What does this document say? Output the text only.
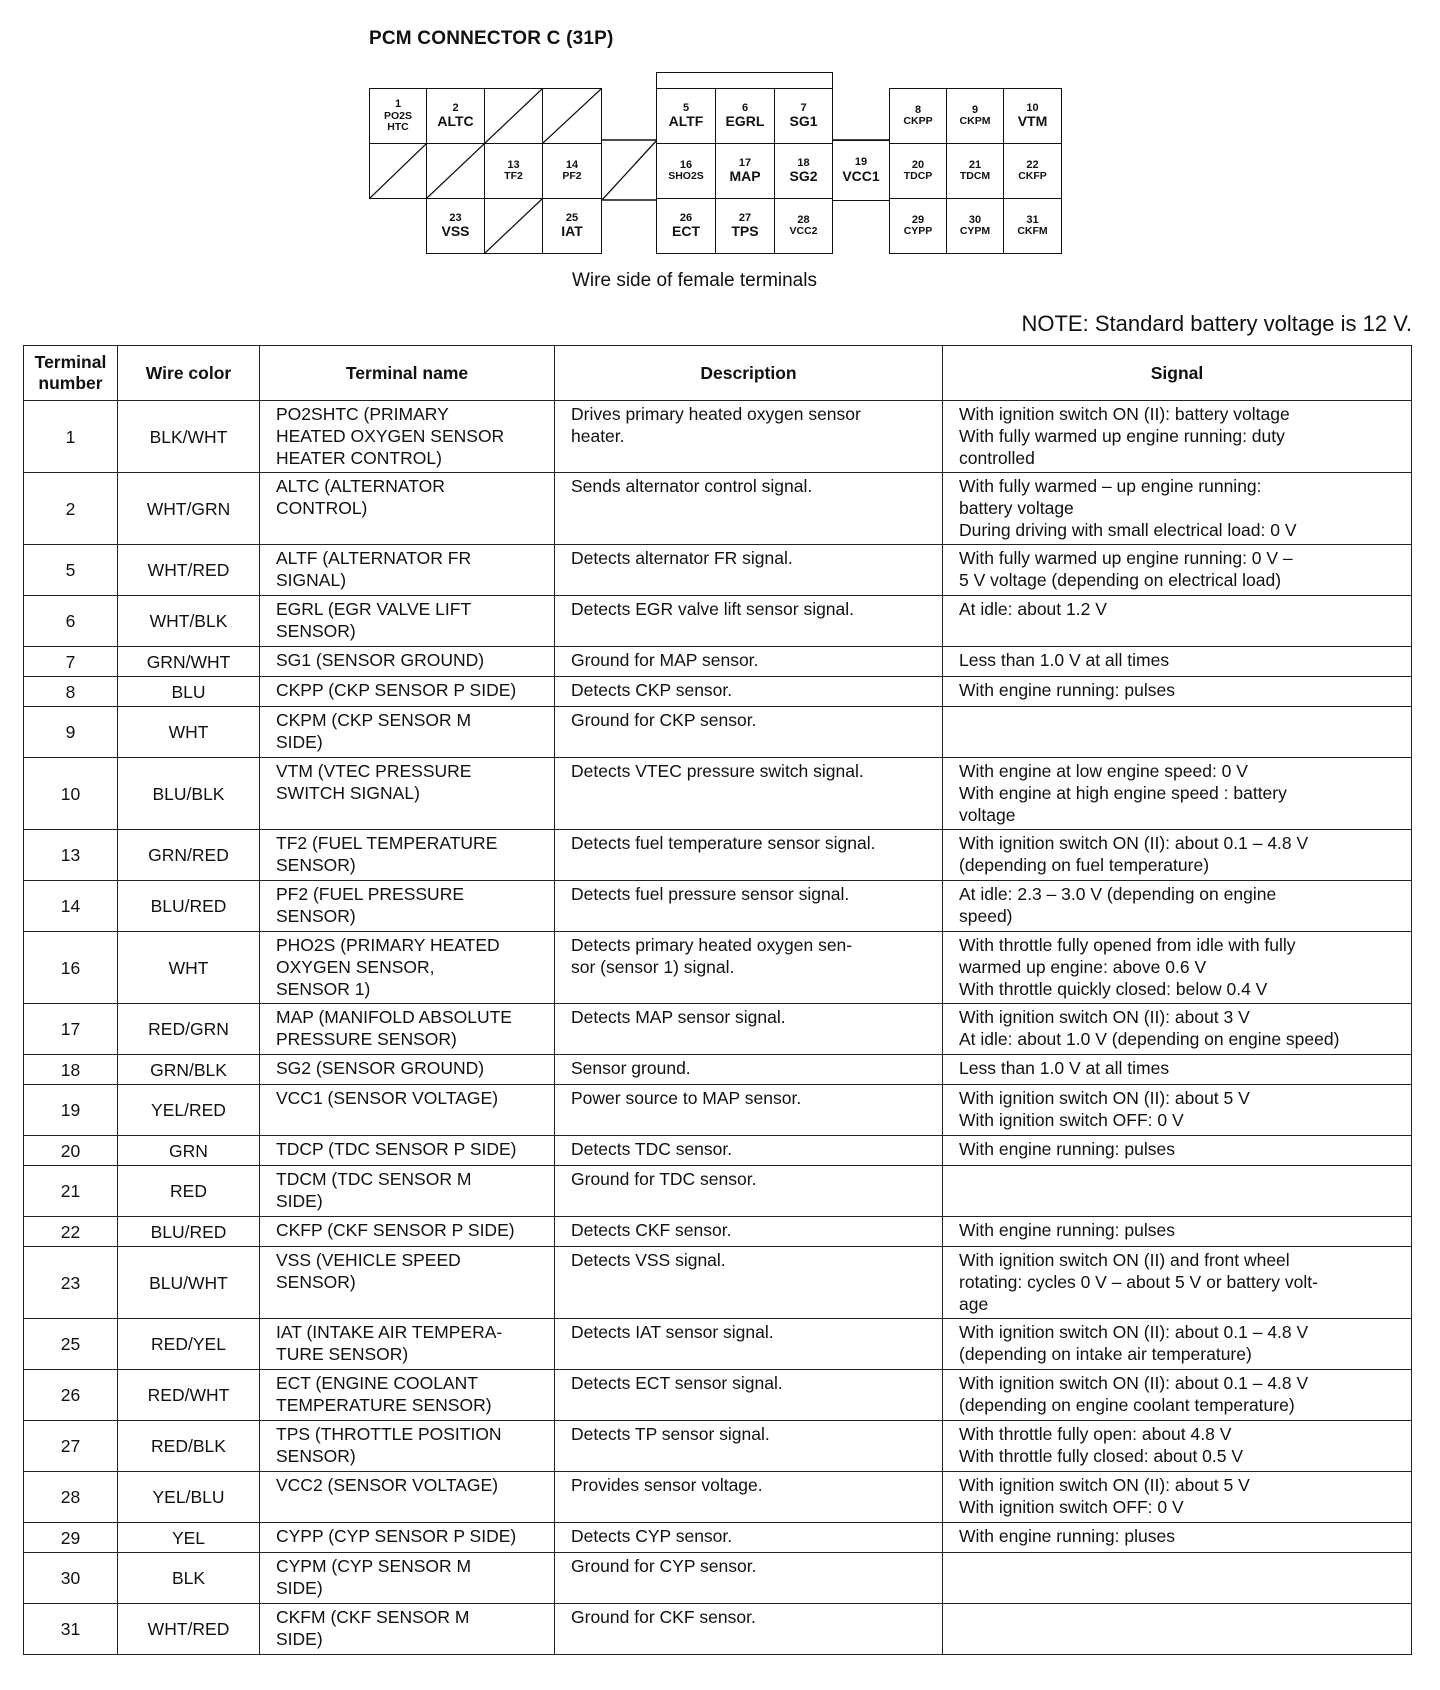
PCM CONNECTOR C (31P)
1
PO2S
HTC
2
ALTC
13
TF2
14
PF2
23
VSS
25
IAT
5
ALTF
6
EGRL
7
SG1
16
SHO2S
17
MAP
18
SG2
26
ECT
27
TPS
28
VCC2
19
VCC1
8
CKPP
9
CKPM
10
VTM
20
TDCP
21
TDCM
22
CKFP
29
CYPP
30
CYPM
31
CKFM
Wire side of female terminals
NOTE: Standard battery voltage is 12 V.
Terminal
number	Wire color	Terminal name	Description	Signal
1	BLK/WHT	PO2SHTC (PRIMARY
HEATED OXYGEN SENSOR
HEATER CONTROL)	Drives primary heated oxygen sensor
heater.	With ignition switch ON (II): battery voltage
With fully warmed up engine running: duty
controlled
2	WHT/GRN	ALTC (ALTERNATOR
CONTROL)	Sends alternator control signal.	With fully warmed – up engine running:
battery voltage
During driving with small electrical load: 0 V
5	WHT/RED	ALTF (ALTERNATOR FR
SIGNAL)	Detects alternator FR signal.	With fully warmed up engine running: 0 V –
5 V voltage (depending on electrical load)
6	WHT/BLK	EGRL (EGR VALVE LIFT
SENSOR)	Detects EGR valve lift sensor signal.	At idle: about 1.2 V
7	GRN/WHT	SG1 (SENSOR GROUND)	Ground for MAP sensor.	Less than 1.0 V at all times
8	BLU	CKPP (CKP SENSOR P SIDE)	Detects CKP sensor.	With engine running: pulses
9	WHT	CKPM (CKP SENSOR M
SIDE)	Ground for CKP sensor.	
10	BLU/BLK	VTM (VTEC PRESSURE
SWITCH SIGNAL)	Detects VTEC pressure switch signal.	With engine at low engine speed: 0 V
With engine at high engine speed : battery
voltage
13	GRN/RED	TF2 (FUEL TEMPERATURE
SENSOR)	Detects fuel temperature sensor signal.	With ignition switch ON (II): about 0.1 – 4.8 V
(depending on fuel temperature)
14	BLU/RED	PF2 (FUEL PRESSURE
SENSOR)	Detects fuel pressure sensor signal.	At idle: 2.3 – 3.0 V (depending on engine
speed)
16	WHT	PHO2S (PRIMARY HEATED
OXYGEN SENSOR,
SENSOR 1)	Detects primary heated oxygen sen-
sor (sensor 1) signal.	With throttle fully opened from idle with fully
warmed up engine: above 0.6 V
With throttle quickly closed: below 0.4 V
17	RED/GRN	MAP (MANIFOLD ABSOLUTE
PRESSURE SENSOR)	Detects MAP sensor signal.	With ignition switch ON (II): about 3 V
At idle: about 1.0 V (depending on engine speed)
18	GRN/BLK	SG2 (SENSOR GROUND)	Sensor ground.	Less than 1.0 V at all times
19	YEL/RED	VCC1 (SENSOR VOLTAGE)	Power source to MAP sensor.	With ignition switch ON (II): about 5 V
With ignition switch OFF: 0 V
20	GRN	TDCP (TDC SENSOR P SIDE)	Detects TDC sensor.	With engine running: pulses
21	RED	TDCM (TDC SENSOR M
SIDE)	Ground for TDC sensor.	
22	BLU/RED	CKFP (CKF SENSOR P SIDE)	Detects CKF sensor.	With engine running: pulses
23	BLU/WHT	VSS (VEHICLE SPEED
SENSOR)	Detects VSS signal.	With ignition switch ON (II) and front wheel
rotating: cycles 0 V – about 5 V or battery volt-
age
25	RED/YEL	IAT (INTAKE AIR TEMPERA-
TURE SENSOR)	Detects IAT sensor signal.	With ignition switch ON (II): about 0.1 – 4.8 V
(depending on intake air temperature)
26	RED/WHT	ECT (ENGINE COOLANT
TEMPERATURE SENSOR)	Detects ECT sensor signal.	With ignition switch ON (II): about 0.1 – 4.8 V
(depending on engine coolant temperature)
27	RED/BLK	TPS (THROTTLE POSITION
SENSOR)	Detects TP sensor signal.	With throttle fully open: about 4.8 V
With throttle fully closed: about 0.5 V
28	YEL/BLU	VCC2 (SENSOR VOLTAGE)	Provides sensor voltage.	With ignition switch ON (II): about 5 V
With ignition switch OFF: 0 V
29	YEL	CYPP (CYP SENSOR P SIDE)	Detects CYP sensor.	With engine running: pluses
30	BLK	CYPM (CYP SENSOR M
SIDE)	Ground for CYP sensor.	
31	WHT/RED	CKFM (CKF SENSOR M
SIDE)	Ground for CKF sensor.	
